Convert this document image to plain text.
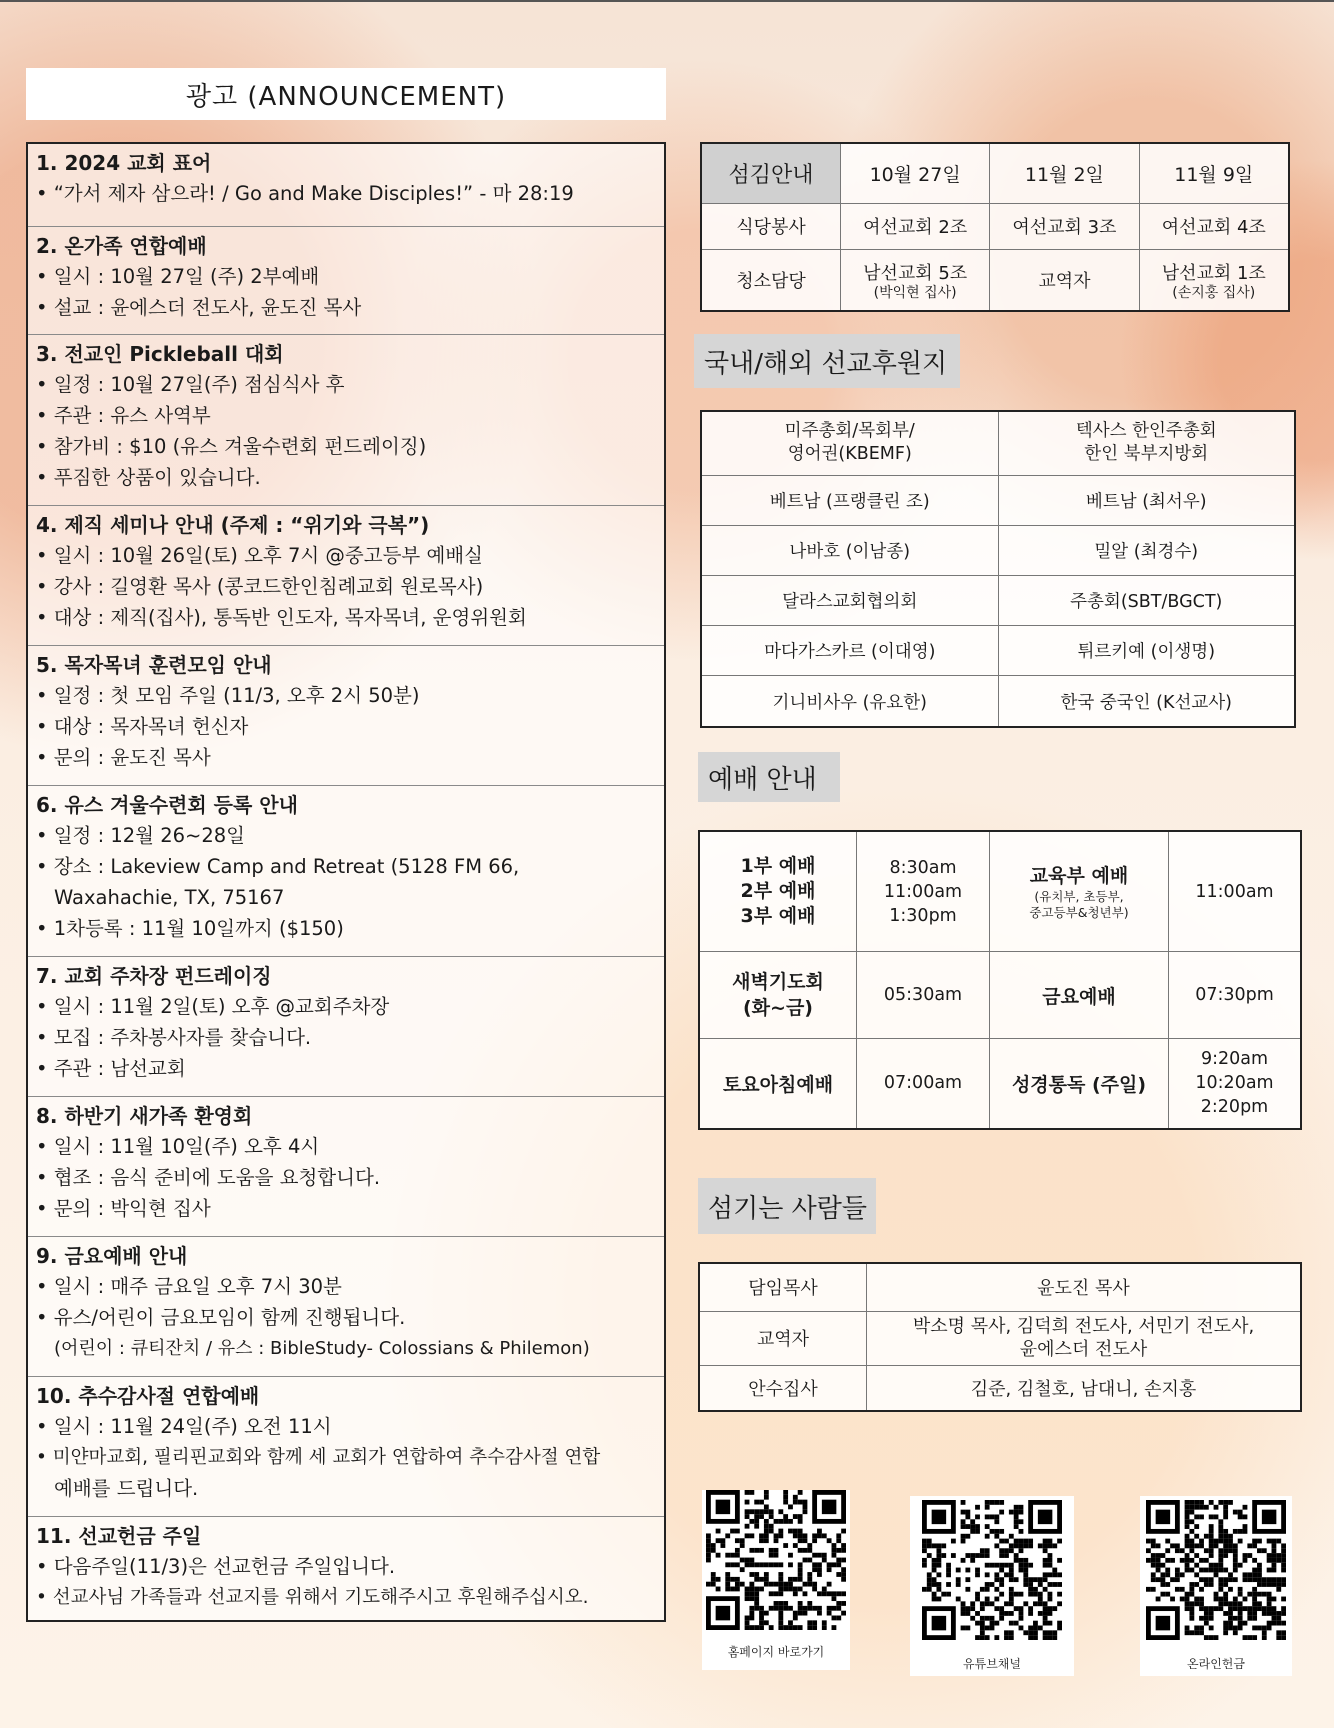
광고 (ANNOUNCEMENT)
1. 2024 교회 표어
• “가서 제자 삼으라! / Go and Make Disciples!” - 마 28:19
2. 온가족 연합예배
• 일시 : 10월 27일 (주) 2부예배
• 설교 : 윤에스더 전도사, 윤도진 목사
3. 전교인 Pickleball 대회
• 일정 : 10월 27일(주) 점심식사 후
• 주관 : 유스 사역부
• 참가비 : $10 (유스 겨울수련회 펀드레이징)
• 푸짐한 상품이 있습니다.
4. 제직 세미나 안내 (주제 : “위기와 극복”)
• 일시 : 10월 26일(토) 오후 7시 @중고등부 예배실
• 강사 : 길영환 목사 (콩코드한인침례교회 원로목사)
• 대상 : 제직(집사), 통독반 인도자, 목자목녀, 운영위원회
5. 목자목녀 훈련모임 안내
• 일정 : 첫 모임 주일 (11/3, 오후 2시 50분)
• 대상 : 목자목녀 헌신자
• 문의 : 윤도진 목사
6. 유스 겨울수련회 등록 안내
• 일정 : 12월 26~28일
• 장소 : Lakeview Camp and Retreat (5128 FM 66,
Waxahachie, TX, 75167
• 1차등록 : 11월 10일까지 ($150)
7. 교회 주차장 펀드레이징
• 일시 : 11월 2일(토) 오후 @교회주차장
• 모집 : 주차봉사자를 찾습니다.
• 주관 : 남선교회
8. 하반기 새가족 환영회
• 일시 : 11월 10일(주) 오후 4시
• 협조 : 음식 준비에 도움을 요청합니다.
• 문의 : 박익현 집사
9. 금요예배 안내
• 일시 : 매주 금요일 오후 7시 30분
• 유스/어린이 금요모임이 함께 진행됩니다.
(어린이 : 큐티잔치 / 유스 : BibleStudy- Colossians & Philemon)
10. 추수감사절 연합예배
• 일시 : 11월 24일(주) 오전 11시
• 미얀마교회, 필리핀교회와 함께 세 교회가 연합하여 추수감사절 연합
예배를 드립니다.
11. 선교헌금 주일
• 다음주일(11/3)은 선교헌금 주일입니다.
• 선교사님 가족들과 선교지를 위해서 기도해주시고 후원해주십시오.
섬김안내	10월 27일	11월 2일	11월 9일
식당봉사	여선교회 2조	여선교회 3조	여선교회 4조
청소담당	남선교회 5조
(박익현 집사)	교역자	남선교회 1조
(손지홍 집사)
국내/해외 선교후원지
미주총회/목회부/
영어권(KBEMF)	텍사스 한인주총회
한인 북부지방회

베트남 (프랭클린 조)	베트남 (최서우)
나바호 (이남종)	밀알 (최경수)
달라스교회협의회	주총회(SBT/BGCT)
마다가스카르 (이대영)	튀르키예 (이생명)
기니비사우 (유요한)	한국 중국인 (K선교사)
예배 안내
1부 예배
2부 예배
3부 예배	8:30am
11:00am
1:30pm	교육부 예배
(유치부, 초등부,
중고등부&청년부)	11:00am

새벽기도회
(화~금)	05:30am	금요예배	07:30pm
토요아침예배	07:00am	성경통독 (주일)	9:20am
10:20am
2:20pm
섬기는 사람들
담임목사	윤도진 목사
교역자	박소명 목사, 김덕희 전도사, 서민기 전도사,
윤에스더 전도사

안수집사	김준, 김철호, 남대니, 손지홍
홈페이지 바로가기
유튜브채널	온라인헌금
